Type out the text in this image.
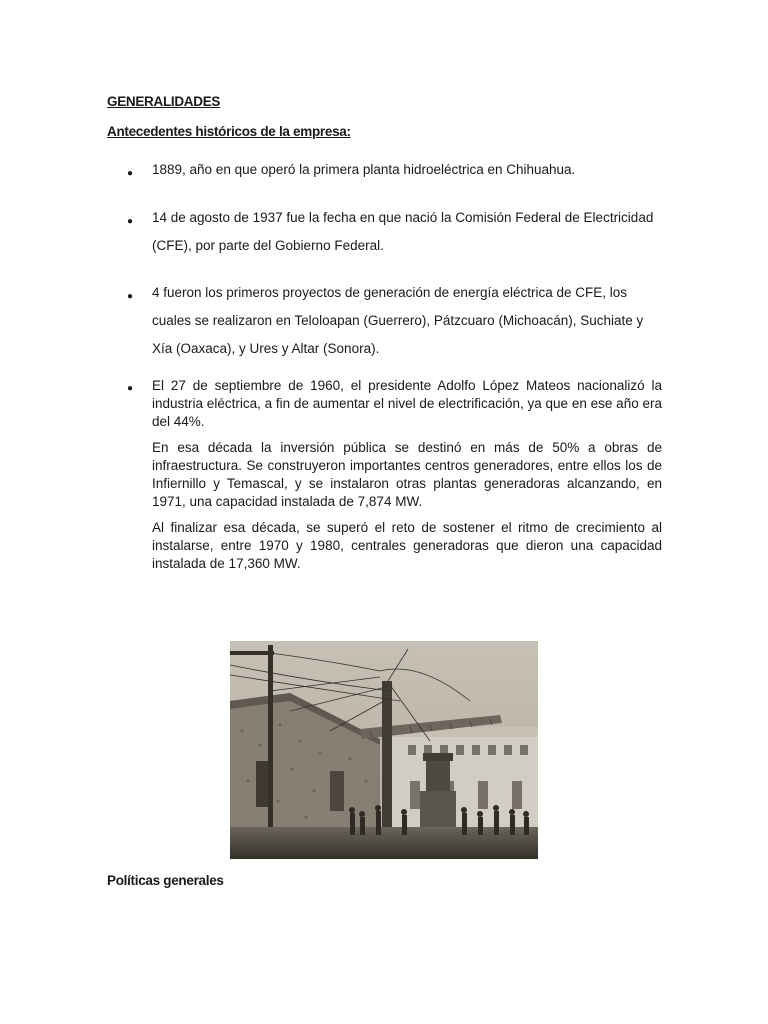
GENERALIDADES

Antecedentes históricos de la empresa:

● 1889, año en que operó la primera planta hidroeléctrica en Chihuahua.
● 14 de agosto de 1937 fue la fecha en que nació la Comisión Federal de Electricidad (CFE), por parte del Gobierno Federal.
● 4 fueron los primeros proyectos de generación de energía eléctrica de CFE, los cuales se realizaron en Teloloapan (Guerrero), Pátzcuaro (Michoacán), Suchiate y Xía (Oaxaca), y Ures y Altar (Sonora).
● El 27 de septiembre de 1960, el presidente Adolfo López Mateos nacionalizó la industria eléctrica, a fin de aumentar el nivel de electrificación, ya que en ese año era del 44%.

En esa década la inversión pública se destinó en más de 50% a obras de infraestructura. Se construyeron importantes centros generadores, entre ellos los de Infiernillo y Temascal, y se instalaron otras plantas generadoras alcanzando, en 1971, una capacidad instalada de 7,874 MW.

Al finalizar esa década, se superó el reto de sostener el ritmo de crecimiento al instalarse, entre 1970 y 1980, centrales generadoras que dieron una capacidad instalada de 17,360 MW.

Políticas generales
